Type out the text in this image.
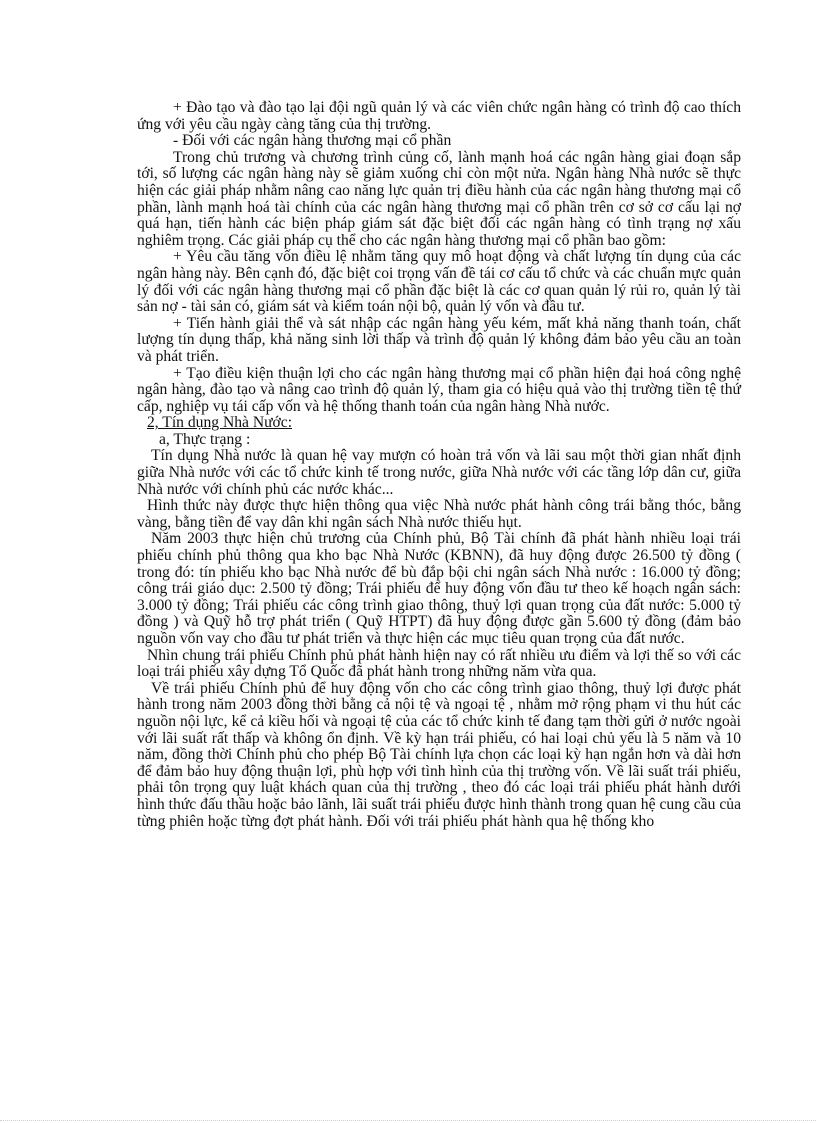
+ Đào tạo và đào tạo lại đội ngũ quản lý và các viên chức ngân hàng có trình độ cao thích ứng với yêu cầu ngày càng tăng của thị trường.

- Đối với các ngân hàng thương mại cổ phần

Trong chủ trương và chương trình củng cố, lành mạnh hoá các ngân hàng giai đoạn sắp tới, số lượng các ngân hàng này sẽ giảm xuống chỉ còn một nửa. Ngân hàng Nhà nước sẽ thực hiện các giải pháp nhằm nâng cao năng lực quản trị điều hành của các ngân hàng thương mại cổ phần, lành mạnh hoá tài chính của các ngân hàng thương mại cổ phần trên cơ sở cơ cấu lại nợ quá hạn, tiến hành các biện pháp giám sát đặc biệt đối các ngân hàng có tình trạng nợ xấu nghiêm trọng. Các giải pháp cụ thể cho các ngân hàng thương mại cổ phần bao gồm:

+ Yêu cầu tăng vốn điều lệ nhằm tăng quy mô hoạt động và chất lượng tín dụng của các ngân hàng này. Bên cạnh đó, đặc biệt coi trọng vấn đề tái cơ cấu tổ chức và các chuẩn mực quản lý đối với các ngân hàng thương mại cổ phần đặc biệt là các cơ quan quản lý rủi ro, quản lý tài sản nợ - tài sản có, giám sát và kiểm toán nội bộ, quản lý vốn và đầu tư.

+ Tiến hành giải thể và sát nhập các ngân hàng yếu kém, mất khả năng thanh toán, chất lượng tín dụng thấp, khả năng sinh lời thấp và trình độ quản lý không đảm bảo yêu cầu an toàn và phát triển.

+ Tạo điều kiện thuận lợi cho các ngân hàng thương mại cổ phần hiện đại hoá công nghệ ngân hàng, đào tạo và nâng cao trình độ quản lý, tham gia có hiệu quả vào thị trường tiền tệ thứ cấp, nghiệp vụ tái cấp vốn và hệ thống thanh toán của ngân hàng Nhà nước.

2, Tín dụng Nhà Nước:

a, Thực trạng :

Tín dụng Nhà nước là quan hệ vay mượn có hoàn trả vốn và lãi sau một thời gian nhất định giữa Nhà nước với các tổ chức kinh tế trong nước, giữa Nhà nước với các tầng lớp dân cư, giữa Nhà nước với chính phủ các nước khác...

Hình thức này được thực hiện thông qua việc Nhà nước phát hành công trái bằng thóc, bằng vàng, bằng tiền để vay dân khi ngân sách Nhà nước thiếu hụt.

Năm 2003 thực hiện chủ trương của Chính phủ, Bộ Tài chính đã phát hành nhiều loại trái phiếu chính phủ thông qua kho bạc Nhà Nước (KBNN), đã huy động được 26.500 tỷ đồng ( trong đó: tín phiếu kho bạc Nhà nước để bù đắp bội chi ngân sách Nhà nước : 16.000 tỷ đồng; công trái giáo dục: 2.500 tỷ đồng; Trái phiếu để huy động vốn đầu tư theo kế hoạch ngân sách: 3.000 tỷ đồng; Trái phiếu các công trình giao thông, thuỷ lợi quan trọng của đất nước: 5.000 tỷ đồng ) và Quỹ hỗ trợ phát triển ( Quỹ HTPT) đã huy động được gần 5.600 tỷ đồng (đảm bảo nguồn vốn vay cho đầu tư phát triển và thực hiện các mục tiêu quan trọng của đất nước.

Nhìn chung trái phiếu Chính phủ phát hành hiện nay có rất nhiều ưu điểm và lợi thế so với các loại trái phiếu xây dựng Tổ Quốc đã phát hành trong những năm vừa qua.

Về trái phiếu Chính phủ để huy động vốn cho các công trình giao thông, thuỷ lợi được phát hành trong năm 2003 đồng thời bằng cả nội tệ và ngoại tệ , nhằm mở rộng phạm vi thu hút các nguồn nội lực, kể cả kiều hối và ngoại tệ của các tổ chức kinh tế đang tạm thời gửi ở nước ngoài với lãi suất rất thấp và không ổn định. Về kỳ hạn trái phiếu, có hai loại chủ yếu là 5 năm và 10 năm, đồng thời Chính phủ cho phép Bộ Tài chính lựa chọn các loại kỳ hạn ngắn hơn và dài hơn để đảm bảo huy động thuận lợi, phù hợp với tình hình của thị trường vốn. Về lãi suất trái phiếu, phải tôn trọng quy luật khách quan của thị trường , theo đó các loại trái phiếu phát hành dưới hình thức đấu thầu hoặc bảo lãnh, lãi suất trái phiếu được hình thành trong quan hệ cung cầu của từng phiên hoặc từng đợt phát hành. Đối với trái phiếu phát hành qua hệ thống kho
